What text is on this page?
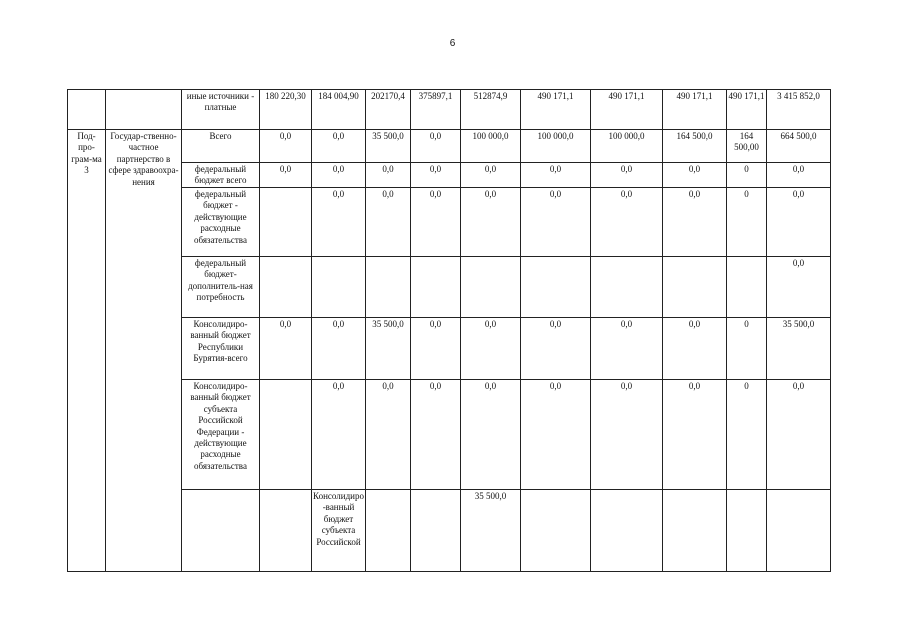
6
		иные источники - платные	180 220,30	184 004,90	202170,4	375897,1	512874,9	490 171,1	490 171,1	490 171,1	490 171,1	3 415 852,0	
Под-про-грам-ма 3	Государ-ственно-частное партнерство в сфере здравоохра-нения	Всего	0,0	0,0	35 500,0	0,0	100 000,0	100 000,0	100 000,0	164 500,0	164 500,00	664 500,0	
		федеральный бюджет всего	0,0	0,0	0,0	0,0	0,0	0,0	0,0	0,0	0	0,0	
		федеральный бюджет - действующие расходные обязательства		0,0	0,0	0,0	0,0	0,0	0,0	0,0	0	0,0	
		федеральный бюджет-дополнитель-ная потребность										0,0	
		Консолидиро-ванный бюджет Республики Бурятия-всего	0,0	0,0	35 500,0	0,0	0,0	0,0	0,0	0,0	0	35 500,0	
		Консолидиро-ванный бюджет субъекта Российской Федерации - действующие расходные обязательства		0,0	0,0	0,0	0,0	0,0	0,0	0,0	0	0,0	
				Консолидиро-ванный бюджет субъекта Российской			35 500,0							
